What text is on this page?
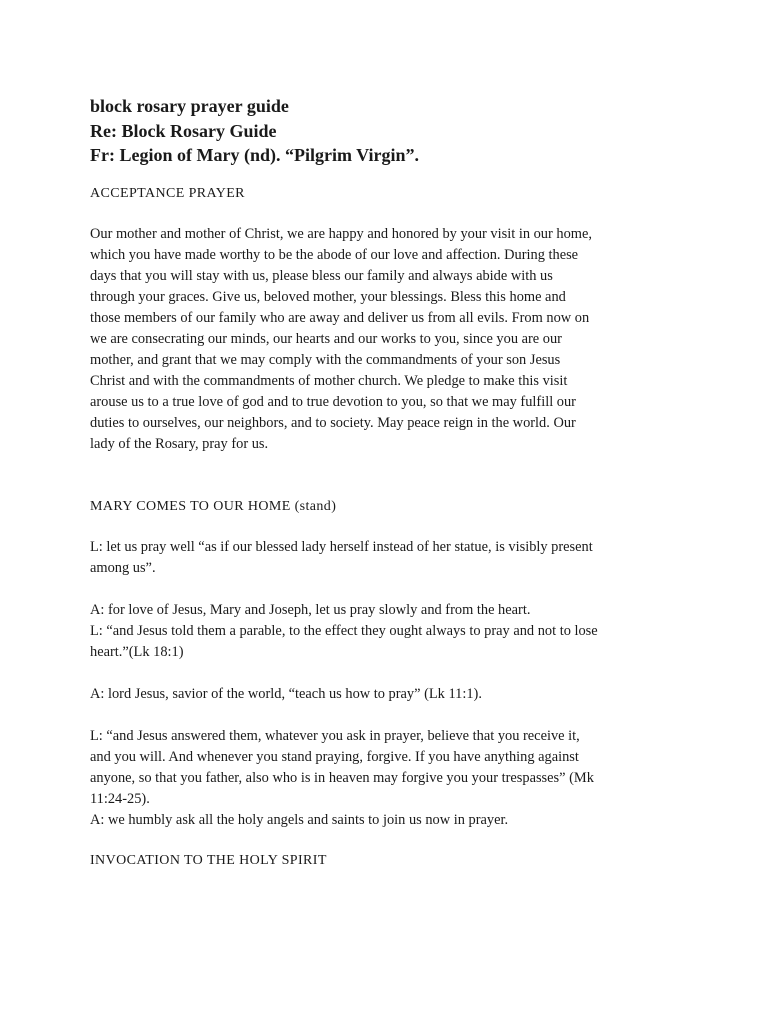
block rosary prayer guide

Re: Block Rosary Guide

Fr: Legion of Mary (nd). “Pilgrim Virgin”.

ACCEPTANCE PRAYER

Our mother and mother of Christ, we are happy and honored by your visit in our home,
which you have made worthy to be the abode of our love and affection. During these
days that you will stay with us, please bless our family and always abide with us
through your graces. Give us, beloved mother, your blessings. Bless this home and
those members of our family who are away and deliver us from all evils. From now on
we are consecrating our minds, our hearts and our works to you, since you are our
mother, and grant that we may comply with the commandments of your son Jesus
Christ and with the commandments of mother church. We pledge to make this visit
arouse us to a true love of god and to true devotion to you, so that we may fulfill our
duties to ourselves, our neighbors, and to society. May peace reign in the world. Our
lady of the Rosary, pray for us.

MARY COMES TO OUR HOME (stand)

L: let us pray well “as if our blessed lady herself instead of her statue, is visibly present
among us”.

A: for love of Jesus, Mary and Joseph, let us pray slowly and from the heart.
L: “and Jesus told them a parable, to the effect they ought always to pray and not to lose
heart.”(Lk 18:1)

A: lord Jesus, savior of the world, “teach us how to pray” (Lk 11:1).

L: “and Jesus answered them, whatever you ask in prayer, believe that you receive it,
and you will. And whenever you stand praying, forgive. If you have anything against
anyone, so that you father, also who is in heaven may forgive you your trespasses” (Mk
11:24-25).
A: we humbly ask all the holy angels and saints to join us now in prayer.

INVOCATION TO THE HOLY SPIRIT
